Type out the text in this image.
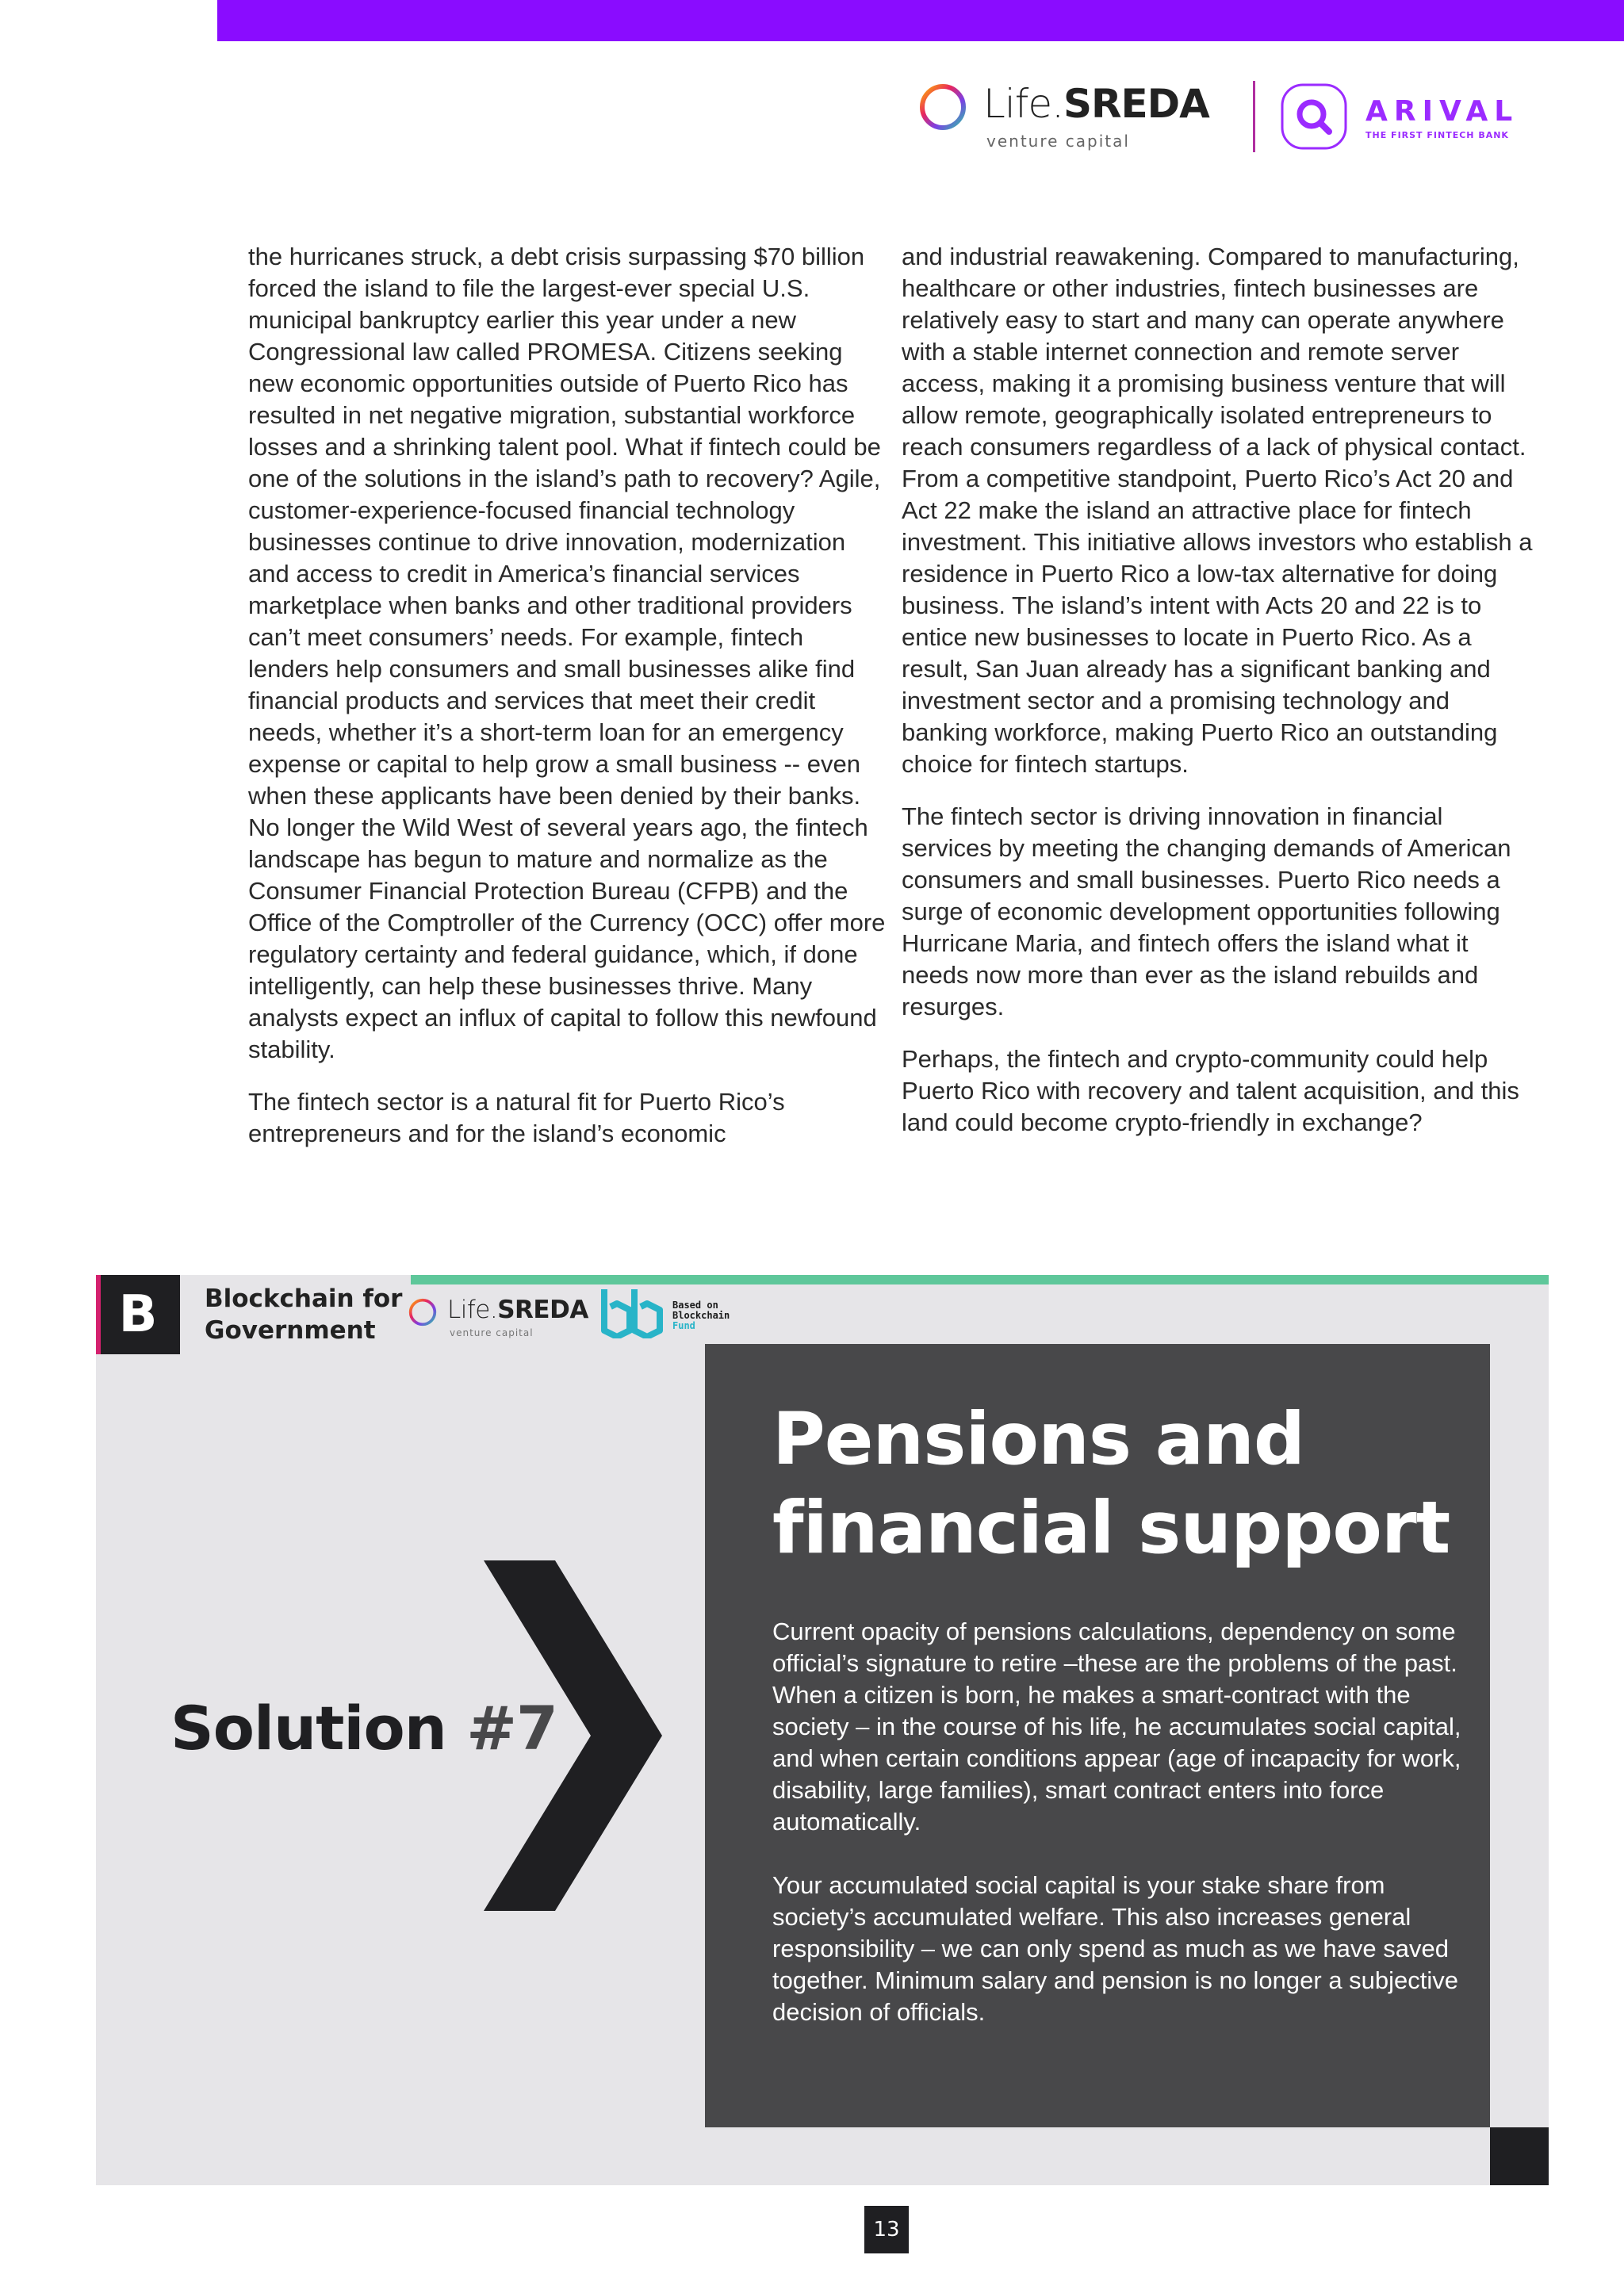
Life.SREDA
venture capital
ARIVAL
THE FIRST FINTECH BANK

the hurricanes struck, a debt crisis surpassing $70 billion forced the island to file the largest-ever special U.S. municipal bankruptcy earlier this year under a new Congressional law called PROMESA. Citizens seeking new economic opportunities outside of Puerto Rico has resulted in net negative migration, substantial workforce losses and a shrinking talent pool. What if fintech could be one of the solutions in the island’s path to recovery? Agile, customer-experience-focused financial technology businesses continue to drive innovation, modernization and access to credit in America’s financial services marketplace when banks and other traditional providers can’t meet consumers’ needs. For example, fintech lenders help consumers and small businesses alike find financial products and services that meet their credit needs, whether it’s a short-term loan for an emergency expense or capital to help grow a small business -- even when these applicants have been denied by their banks. No longer the Wild West of several years ago, the fintech landscape has begun to mature and normalize as the Consumer Financial Protection Bureau (CFPB) and the Office of the Comptroller of the Currency (OCC) offer more regulatory certainty and federal guidance, which, if done intelligently, can help these businesses thrive. Many analysts expect an influx of capital to follow this newfound stability.

The fintech sector is a natural fit for Puerto Rico’s entrepreneurs and for the island’s economic

and industrial reawakening. Compared to manufacturing, healthcare or other industries, fintech businesses are relatively easy to start and many can operate anywhere with a stable internet connection and remote server access, making it a promising business venture that will allow remote, geographically isolated entrepreneurs to reach consumers regardless of a lack of physical contact. From a competitive standpoint, Puerto Rico’s Act 20 and Act 22 make the island an attractive place for fintech investment. This initiative allows investors who establish a residence in Puerto Rico a low-tax alternative for doing business. The island’s intent with Acts 20 and 22 is to entice new businesses to locate in Puerto Rico. As a result, San Juan already has a significant banking and investment sector and a promising technology and banking workforce, making Puerto Rico an outstanding choice for fintech startups.

The fintech sector is driving innovation in financial services by meeting the changing demands of American consumers and small businesses. Puerto Rico needs a surge of economic development opportunities following Hurricane Maria, and fintech offers the island what it needs now more than ever as the island rebuilds and resurges.

Perhaps, the fintech and crypto-community could help Puerto Rico with recovery and talent acquisition, and this land could become crypto-friendly in exchange?

B	Blockchain for
Government
Life.SREDA
venture capital
Based on
Blockchain
Fund
Solution #7
Pensions and financial support

Current opacity of pensions calculations, dependency on some official’s signature to retire –these are the problems of the past. When a citizen is born, he makes a smart-contract with the society – in the course of his life, he accumulates social capital, and when certain conditions appear (age of incapacity for work, disability, large families), smart contract enters into force automatically.

Your accumulated social capital is your stake share from society’s accumulated welfare. This also increases general responsibility – we can only spend as much as we have saved together. Minimum salary and pension is no longer a subjective decision of officials.

13
